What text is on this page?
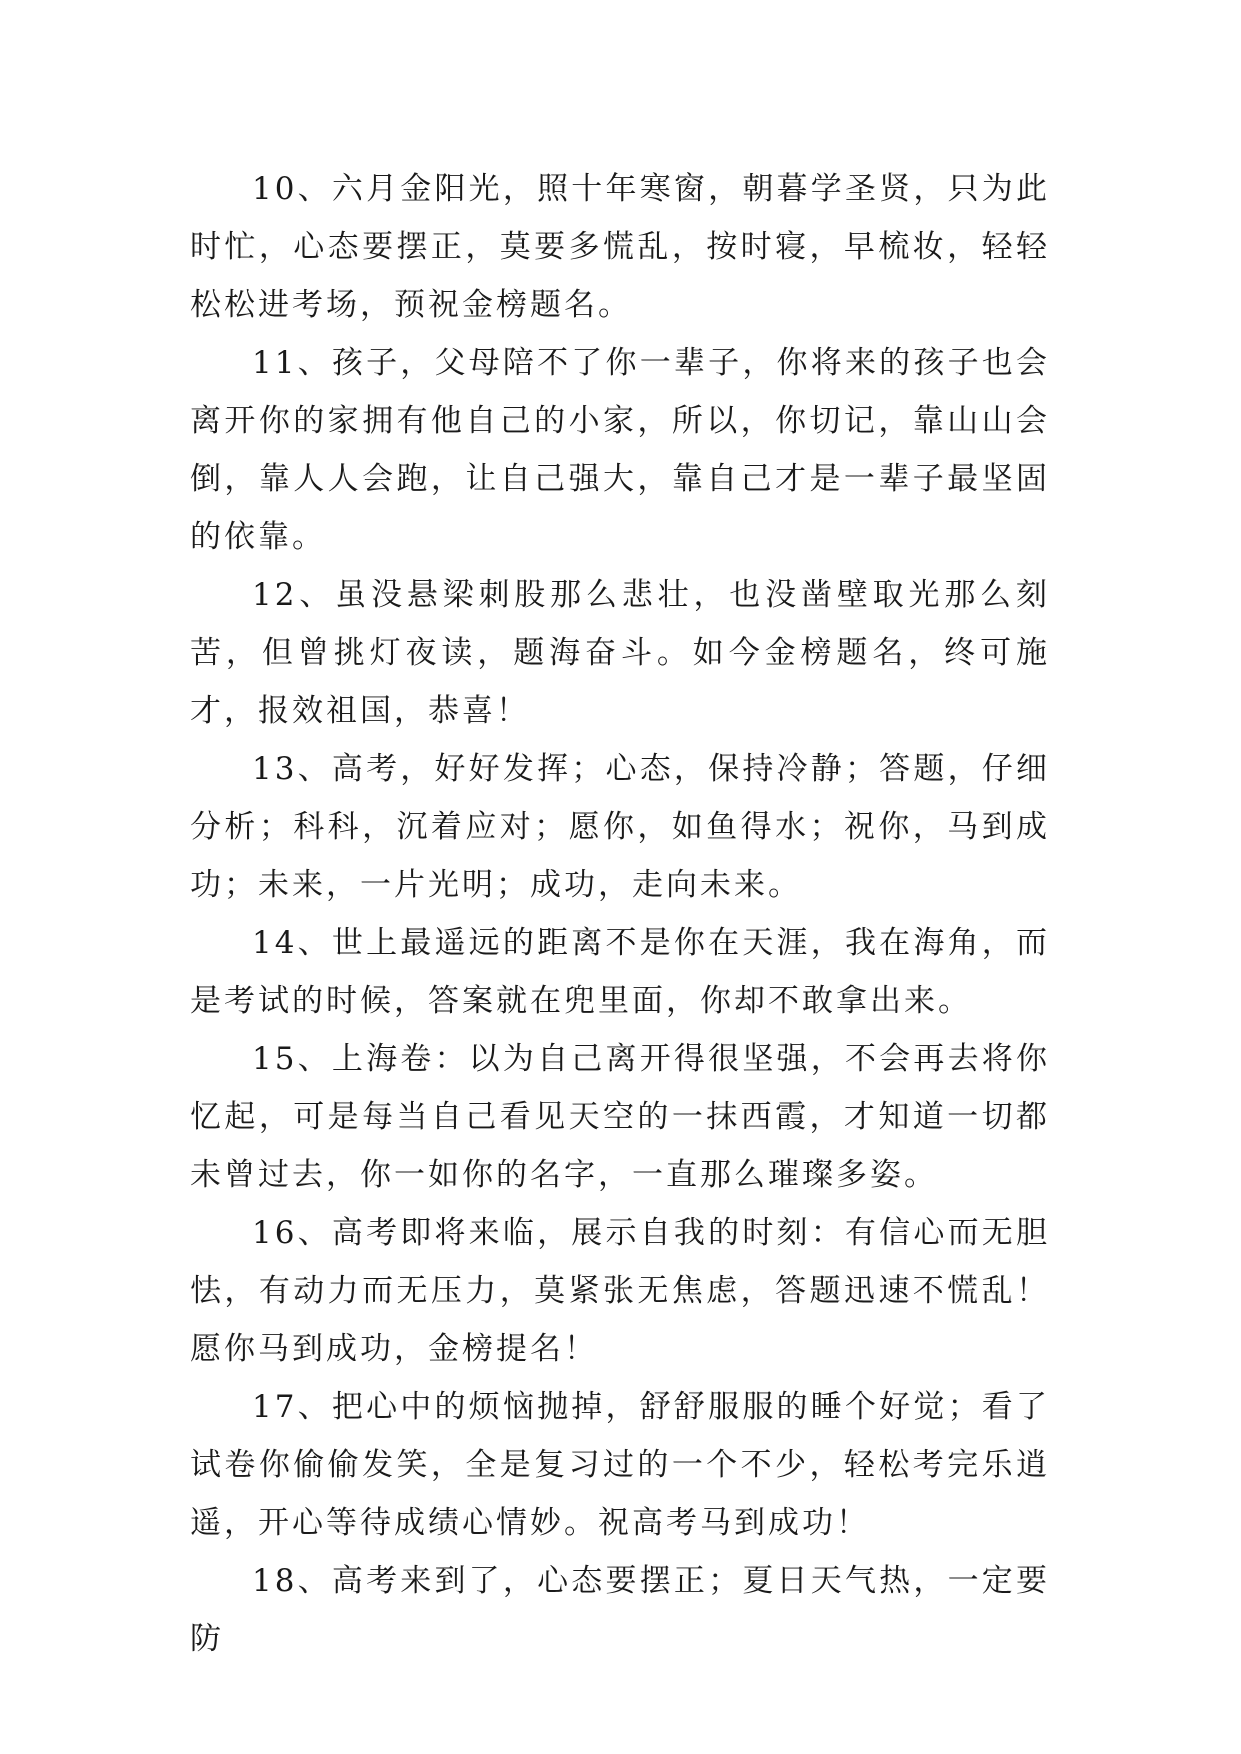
10、六月金阳光，照十年寒窗，朝暮学圣贤，只为此时忙，心态要摆正，莫要多慌乱，按时寝，早梳妆，轻轻松松进考场，预祝金榜题名。

11、孩子，父母陪不了你一辈子，你将来的孩子也会离开你的家拥有他自己的小家，所以，你切记，靠山山会倒，靠人人会跑，让自己强大，靠自己才是一辈子最坚固的依靠。

12、虽没悬梁刺股那么悲壮，也没凿壁取光那么刻苦，但曾挑灯夜读，题海奋斗。如今金榜题名，终可施才，报效祖国，恭喜！

13、高考，好好发挥；心态，保持冷静；答题，仔细分析；科科，沉着应对；愿你，如鱼得水；祝你，马到成功；未来，一片光明；成功，走向未来。

14、世上最遥远的距离不是你在天涯，我在海角，而是考试的时候，答案就在兜里面，你却不敢拿出来。

15、上海卷：以为自己离开得很坚强，不会再去将你忆起，可是每当自己看见天空的一抹西霞，才知道一切都未曾过去，你一如你的名字，一直那么璀璨多姿。

16、高考即将来临，展示自我的时刻：有信心而无胆怯，有动力而无压力，莫紧张无焦虑，答题迅速不慌乱！愿你马到成功，金榜提名！

17、把心中的烦恼抛掉，舒舒服服的睡个好觉；看了试卷你偷偷发笑，全是复习过的一个不少，轻松考完乐逍遥，开心等待成绩心情妙。祝高考马到成功！

18、高考来到了，心态要摆正；夏日天气热，一定要防
